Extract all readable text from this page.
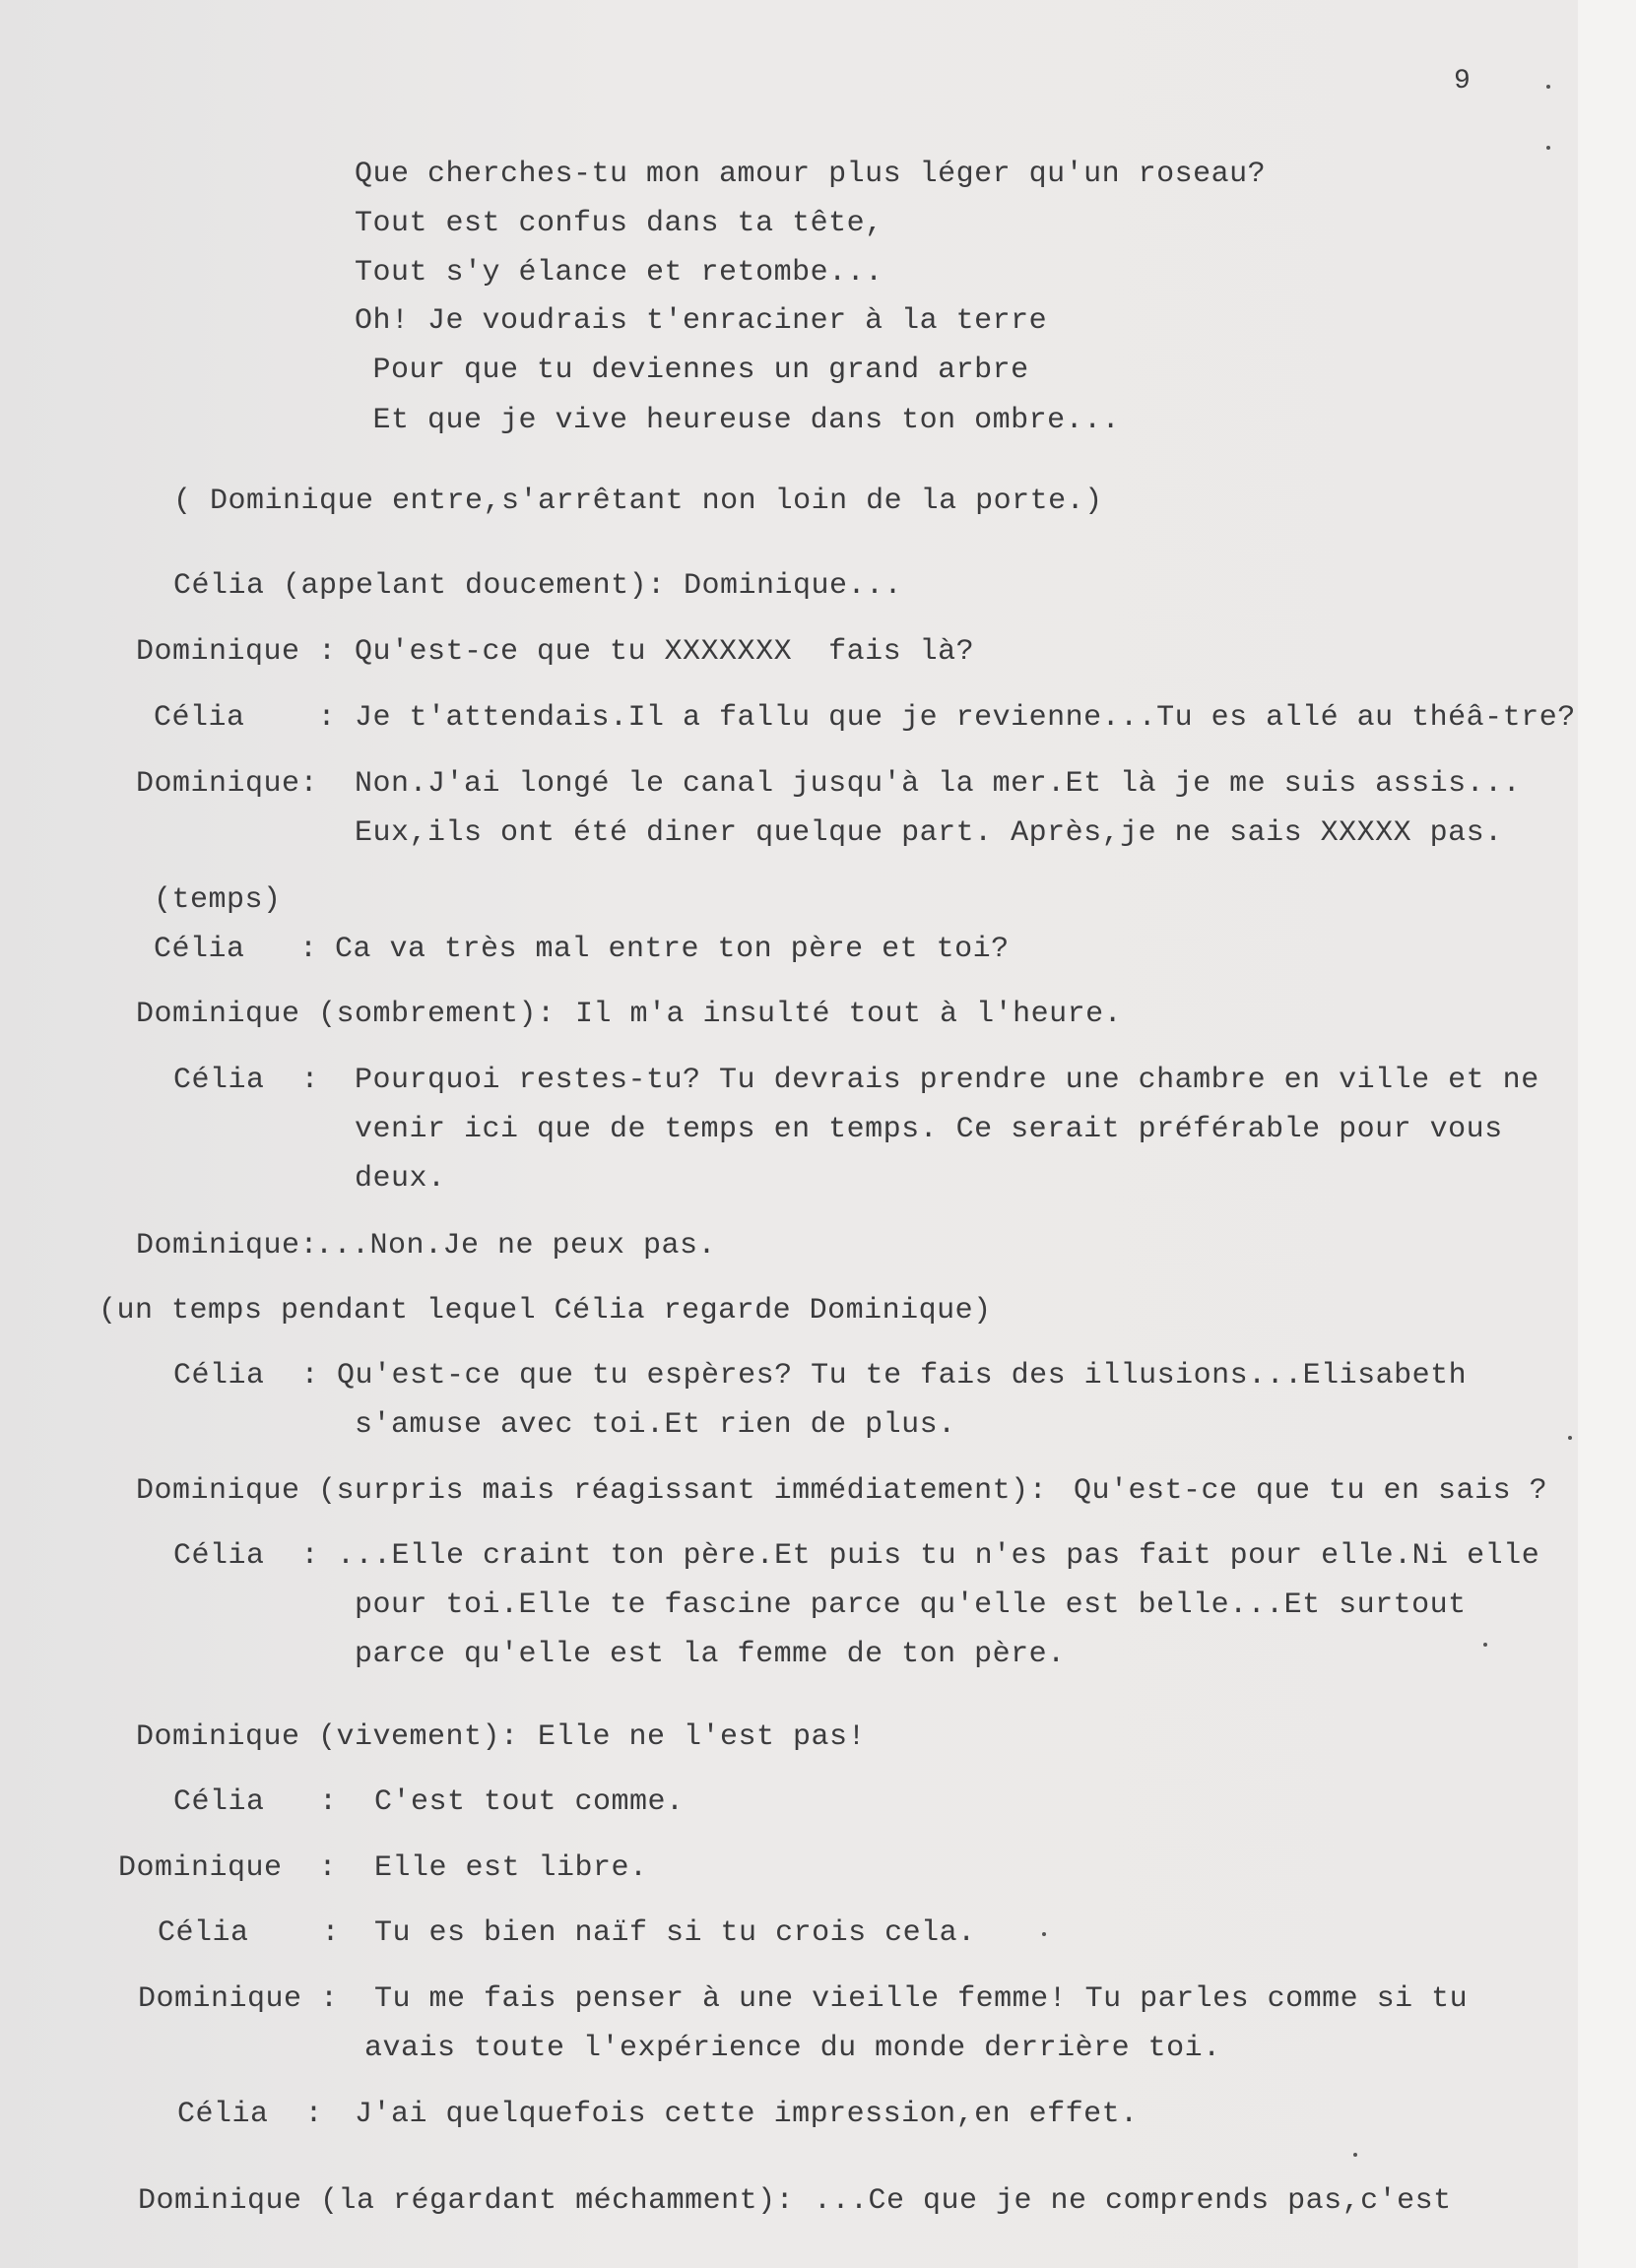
9
Que cherches-tu mon amour plus léger qu'un roseau?
Tout est confus dans ta tête,
Tout s'y élance et retombe...
Oh! Je voudrais t'enraciner à la terre
Pour que tu deviennes un grand arbre
Et que je vive heureuse dans ton ombre...
( Dominique entre,s'arrêtant non loin de la porte.)
Célia (appelant doucement): Dominique...
Dominique : Qu'est-ce que tu XXXXXXX  fais là?
Célia    : Je t'attendais.Il a fallu que je revienne...Tu es allé au théâ-tre?
Dominique: Non.J'ai longé le canal jusqu'à la mer.Et là je me suis assis...
Eux,ils ont été diner quelque part. Après,je ne sais XXXXX pas.
(temps)
Célia   : Ca va très mal entre ton père et toi?
Dominique (sombrement): Il m'a insulté tout à l'heure.
Célia  : Pourquoi restes-tu? Tu devrais prendre une chambre en ville et ne
venir ici que de temps en temps. Ce serait préférable pour vous
deux.
Dominique:
...Non.Je ne peux pas.
(un temps pendant lequel Célia regarde Dominique)
Célia  : Qu'est-ce que tu espères? Tu te fais des illusions...Elisabeth
s'amuse avec toi.Et rien de plus.
Dominique (surpris mais réagissant immédiatement): Qu'est-ce que tu en sais ?
Célia  : ...Elle craint ton père.Et puis tu n'es pas fait pour elle.Ni elle
pour toi.Elle te fascine parce qu'elle est belle...Et surtout
parce qu'elle est la femme de ton père.
Dominique (vivement): Elle ne l'est pas!
Célia   : C'est tout comme.
Dominique  : Elle est libre.
Célia    : Tu es bien naïf si tu crois cela.
Dominique : Tu me fais penser à une vieille femme! Tu parles comme si tu
avais toute l'expérience du monde derrière toi.
Célia  : J'ai quelquefois cette impression,en effet.
Dominique (la régardant méchamment): ...Ce que je ne comprends pas,c'est
